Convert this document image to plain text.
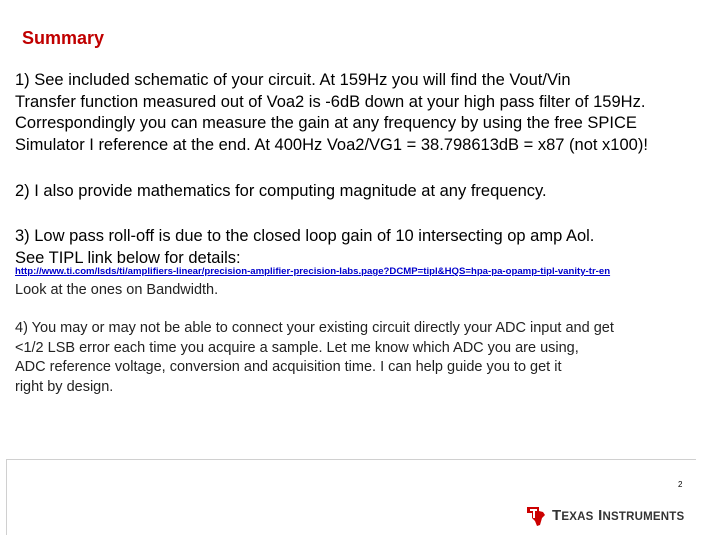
Summary
1) See included schematic of your circuit. At 159Hz you will find the Vout/Vin
Transfer function measured out of Voa2 is -6dB down at your high pass filter of 159Hz.
Correspondingly you can measure the gain at any frequency by using the free SPICE
Simulator I reference at the end. At 400Hz Voa2/VG1 = 38.798613dB = x87 (not x100)!
2) I also provide mathematics for computing magnitude at any frequency.
3) Low pass roll-off is due to the closed loop gain of 10 intersecting op amp Aol.
See TIPL link below for details:
http://www.ti.com/lsds/ti/amplifiers-linear/precision-amplifier-precision-labs.page?DCMP=tipl&HQS=hpa-pa-opamp-tipl-vanity-tr-en
Look at the ones on Bandwidth.
4) You may or may not be able to connect your existing circuit directly your ADC input and get
<1/2 LSB error each time you acquire a sample. Let me know which ADC you are using,
ADC reference voltage, conversion and acquisition time. I can help guide you to get it
right by design.
2
TEXAS INSTRUMENTS
